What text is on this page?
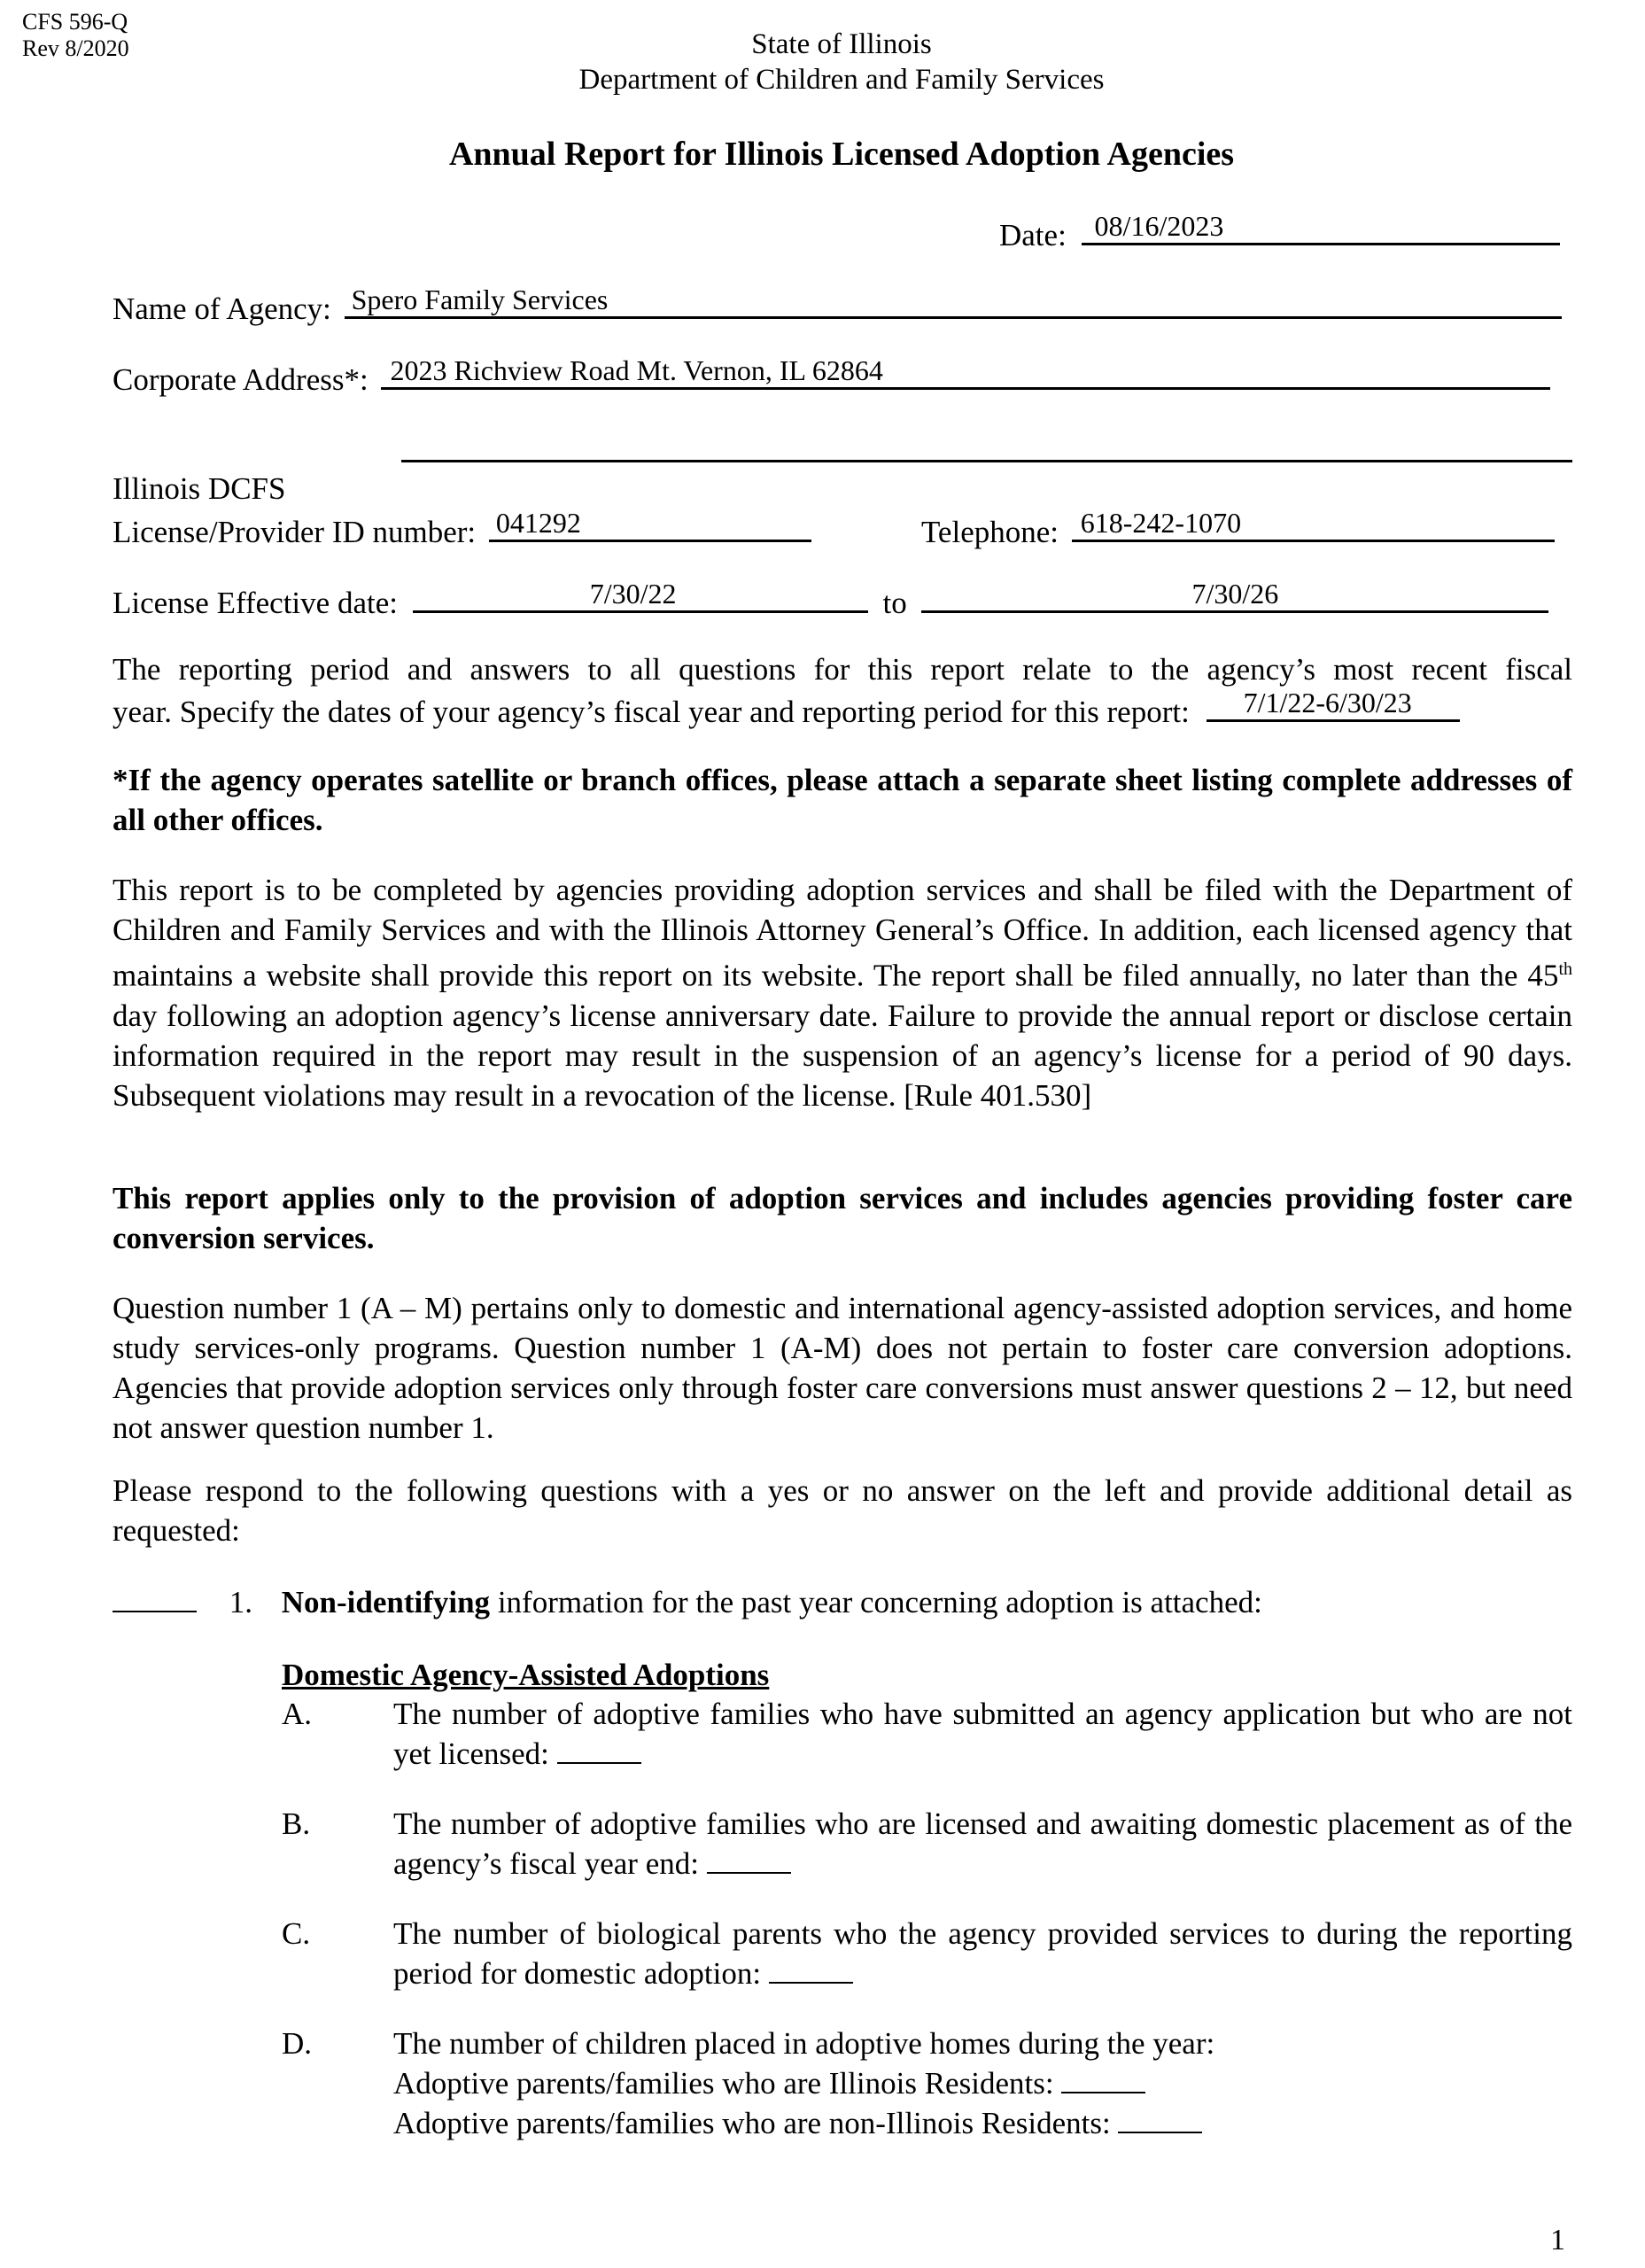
CFS 596-Q
Rev 8/2020	State of Illinois
Department of Children and Family Services
Annual Report for Illinois Licensed Adoption Agencies
Date: 08/16/2023
Name of Agency: Spero Family Services
Corporate Address*: 2023 Richview Road Mt. Vernon, IL 62864
Illinois DCFS
License/Provider ID number: 041292	Telephone: 618-242-1070
License Effective date:	7/30/22	to	7/30/26
The reporting period and answers to all questions for this report relate to the agency’s most recent fiscal
year. Specify the dates of your agency’s fiscal year and reporting period for this report: 7/1/22-6/30/23
*If the agency operates satellite or branch offices, please attach a separate sheet listing complete addresses of all other offices.
This report is to be completed by agencies providing adoption services and shall be filed with the Department of Children and Family Services and with the Illinois Attorney General’s Office. In addition, each licensed agency that maintains a website shall provide this report on its website. The report shall be filed annually, no later than the 45th day following an adoption agency’s license anniversary date. Failure to provide the annual report or disclose certain information required in the report may result in the suspension of an agency’s license for a period of 90 days. Subsequent violations may result in a revocation of the license. [Rule 401.530]
This report applies only to the provision of adoption services and includes agencies providing foster care conversion services.
Question number 1 (A – M) pertains only to domestic and international agency-assisted adoption services, and home study services-only programs. Question number 1 (A-M) does not pertain to foster care conversion adoptions. Agencies that provide adoption services only through foster care conversions must answer questions 2 – 12, but need not answer question number 1.
Please respond to the following questions with a yes or no answer on the left and provide additional detail as requested:
1. Non-identifying information for the past year concerning adoption is attached:
Domestic Agency-Assisted Adoptions
A.	The number of adoptive families who have submitted an agency application but who are not yet licensed:
B.	The number of adoptive families who are licensed and awaiting domestic placement as of the agency’s fiscal year end:
C.	The number of biological parents who the agency provided services to during the reporting period for domestic adoption:
D.	The number of children placed in adoptive homes during the year:
Adoptive parents/families who are Illinois Residents:
Adoptive parents/families who are non-Illinois Residents:
1
